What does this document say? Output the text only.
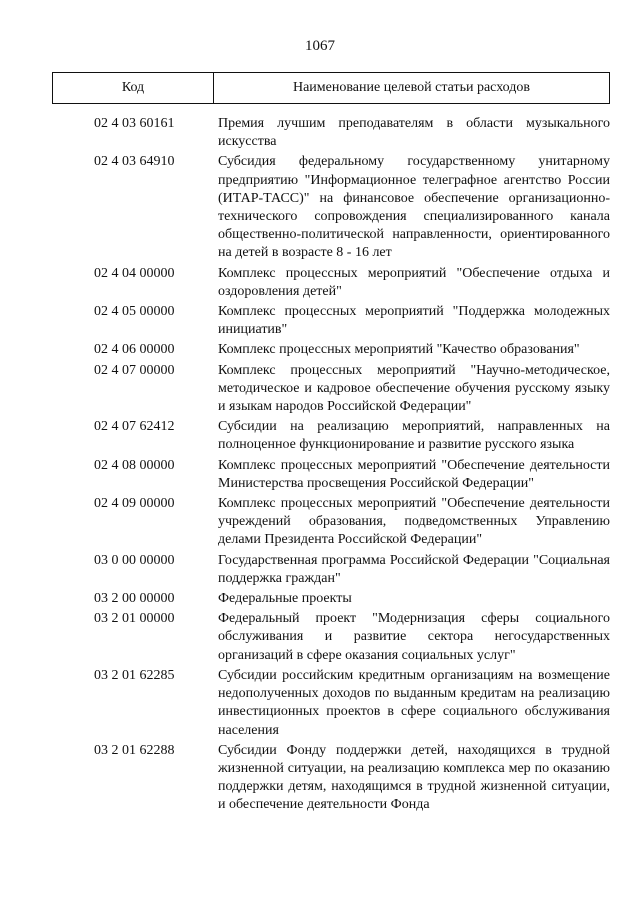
1067
Код	Наименование целевой статьи расходов
02 4 03 60161	Премия лучшим преподавателям в области музыкального искусства
02 4 03 64910	Субсидия федеральному государственному унитарному предприятию "Информационное телеграфное агентство России (ИТАР-ТАСС)" на финансовое обеспечение организационно-технического сопровождения специализированного канала общественно-политической направленности, ориентированного на детей в возрасте 8 - 16 лет
02 4 04 00000	Комплекс процессных мероприятий "Обеспечение отдыха и оздоровления детей"
02 4 05 00000	Комплекс процессных мероприятий "Поддержка молодежных инициатив"
02 4 06 00000	Комплекс процессных мероприятий "Качество образования"
02 4 07 00000	Комплекс процессных мероприятий "Научно-методическое, методическое и кадровое обеспечение обучения русскому языку и языкам народов Российской Федерации"
02 4 07 62412	Субсидии на реализацию мероприятий, направленных на полноценное функционирование и развитие русского языка
02 4 08 00000	Комплекс процессных мероприятий "Обеспечение деятельности Министерства просвещения Российской Федерации"
02 4 09 00000	Комплекс процессных мероприятий "Обеспечение деятельности учреждений образования, подведомственных Управлению делами Президента Российской Федерации"
03 0 00 00000	Государственная программа Российской Федерации "Социальная поддержка граждан"
03 2 00 00000	Федеральные проекты
03 2 01 00000	Федеральный проект "Модернизация сферы социального обслуживания и развитие сектора негосударственных организаций в сфере оказания социальных услуг"
03 2 01 62285	Субсидии российским кредитным организациям на возмещение недополученных доходов по выданным кредитам на реализацию инвестиционных проектов в сфере социального обслуживания населения
03 2 01 62288	Субсидии Фонду поддержки детей, находящихся в трудной жизненной ситуации, на реализацию комплекса мер по оказанию поддержки детям, находящимся в трудной жизненной ситуации, и обеспечение деятельности Фонда
